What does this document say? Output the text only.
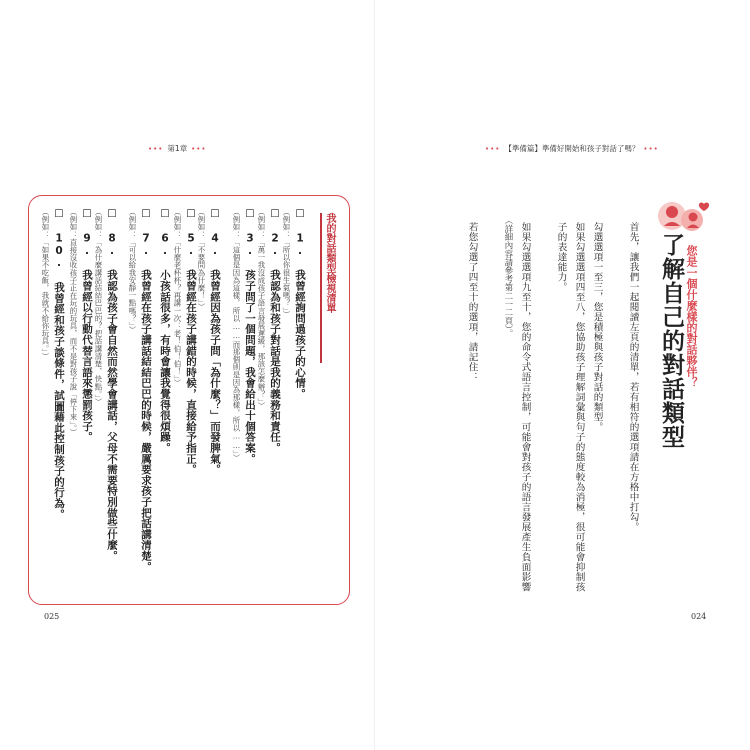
••• 第1章 •••
我的對話類型檢視清單
☐ 1. 我曾經詢問過孩子的心情。
（例如：「所以你很生氣嗎？」）
☐ 2. 我認為和孩子對話是我的義務和責任。
（例如：「萬一我沒成孩子語言發展遲緩，那該怎麼辦？」）
☐ 3. 孩子問了一個問題，我會給出十個答案。
（例如：「這個是因為這樣，所以……而那個則是因為那樣，所以……」）
☐ 4. 我曾經因為孩子問「為什麼？」而發脾氣。
（例如：「不要問為什麼！」）
☐ 5. 我曾經在孩子講錯的時候，直接給予指正。
（例如：「什麼老杯杯？再講一次：老！伯！伯！」）
☐ 6. 小孩話很多，有時會讓我覺得很煩躁。
☐ 7. 我曾經在孩子講話結結巴巴的時候，嚴厲要求孩子把話講清楚。
（例如：「可以給我安靜一點嗎？」）
☐ 8. 我認為孩子會自然而然學會講話，父母不需要特別做些什麼。
（例如：「為什麼講話結結巴巴的？把話講清楚，快點。」）
☐ 9. 我曾經以行動代替言語來懲罰孩子。
（例如：直接沒收孩子正在玩的玩具，而不是對孩子說「停下來」。）
☐ 10. 我曾經和孩子談條件，試圖藉此控制孩子的行為。
（例如：「如果不吃飯，我就不給你玩具。」）
025
••• 【準備篇】準備好開始和孩子對話了嗎？ •••
024
您是一個什麼樣的對話夥伴？
了解自己的對話類型
首先，讓我們一起閱讀左頁的清單，若有相符的選項請在方格中打勾。
勾選選項一至三，您是積極與孩子對話的類型。
如果勾選選項四至八，您協助孩子理解詞彙與句子的態度較為消極，很可能會抑制孩
子的表達能力。
如果勾選選項九至十，您的命令式語言控制，可能會對孩子的語言發展產生負面影響
（詳細內容請參考第二一二頁）。
若您勾選了四至十的選項，請記住：
